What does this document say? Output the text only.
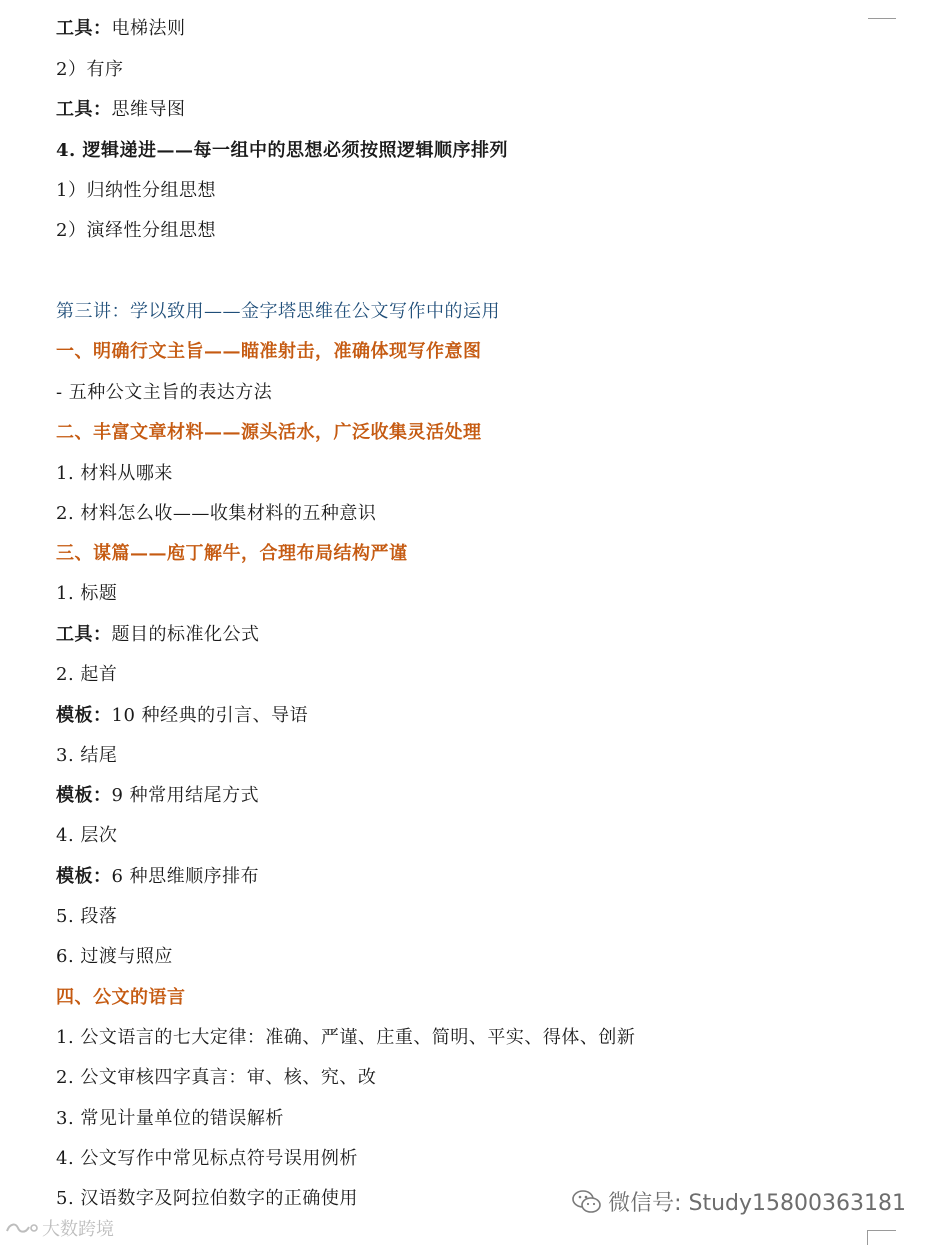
工具：电梯法则
2）有序
工具：思维导图
4. 逻辑递进——每一组中的思想必须按照逻辑顺序排列
1）归纳性分组思想
2）演绎性分组思想
第三讲：学以致用——金字塔思维在公文写作中的运用
一、明确行文主旨——瞄准射击，准确体现写作意图
- 五种公文主旨的表达方法
二、丰富文章材料——源头活水，广泛收集灵活处理
1. 材料从哪来
2. 材料怎么收——收集材料的五种意识
三、谋篇——庖丁解牛，合理布局结构严谨
1. 标题
工具：题目的标准化公式
2. 起首
模板：10 种经典的引言、导语
3. 结尾
模板：9 种常用结尾方式
4. 层次
模板：6 种思维顺序排布
5. 段落
6. 过渡与照应
四、公文的语言
1. 公文语言的七大定律：准确、严谨、庄重、简明、平实、得体、创新
2. 公文审核四字真言：审、核、究、改
3. 常见计量单位的错误解析
4. 公文写作中常见标点符号误用例析
5. 汉语数字及阿拉伯数字的正确使用	微信号: Study15800363181
大数跨境
